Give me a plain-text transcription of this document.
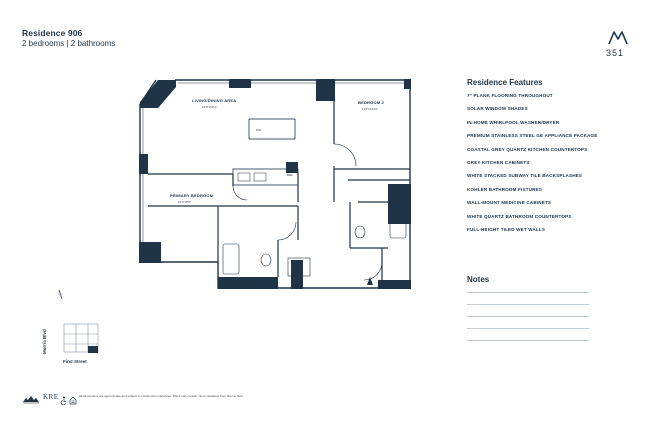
Residence 906
2 bedrooms | 2 bathrooms
351
LIVING/DINING AREA
12'3"x13'4"
BEDROOM 2
11'2"x13'11"
PRIMARY BEDROOM
12'4"x8'0"
DW
REF
W/D
Morris Blvd
First Street
Residence Features
7" PLANK FLOORING THROUGHOUT
SOLAR WINDOW SHADES
IN-HOME WHIRLPOOL WASHER/DRYER
PREMIUM STAINLESS STEEL GE APPLIANCE PACKAGE
COASTAL GREY QUARTZ KITCHEN COUNTERTOPS
GREY KITCHEN CABINETS
WHITE STACKED SUBWAY TILE BACKSPLASHES
KOHLER BATHROOM FIXTURES
WALL-MOUNT MEDICINE CABINETS
WHITE QUARTZ BATHROOM COUNTERTOPS
FULL-HEIGHT TILED WET WALLS
Notes
KRE	All dimensions are approximate and subject to construction variances. Plans may contain minor variations from floor to floor.
